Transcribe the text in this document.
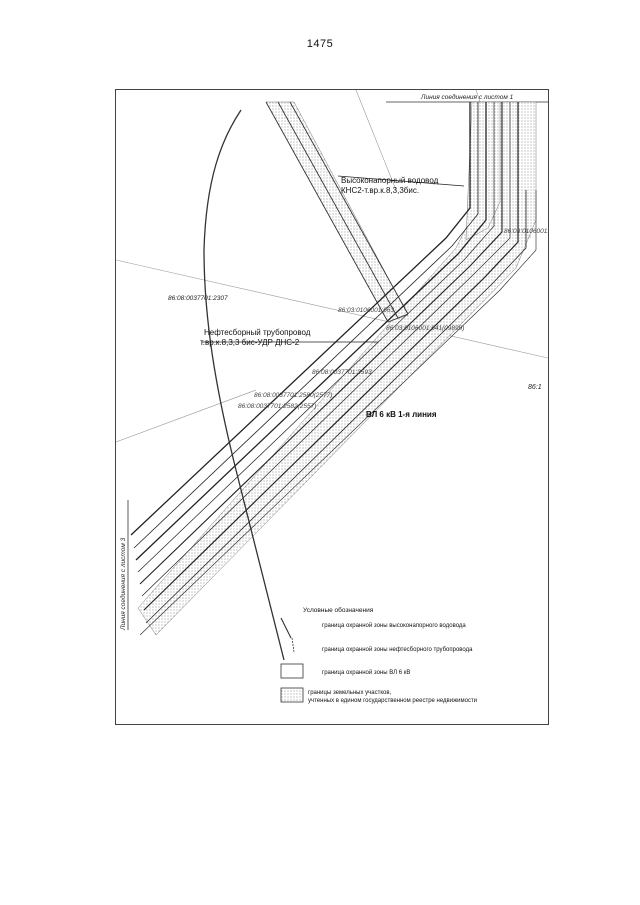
1475
Линия соединения с листом 1
Высоконапорный водовод
КНС2-т.вр.к.8,3,3бис.
Нефтесборный трубопровод
т.вр.к.8,3,3 бис-УДР ДНС-2
ВЛ 6 кВ 1-я линия
86:08:0037701:2307
86:03:0106001:663
86:03:0106001:641(09899)
86:08:0037701:3593
86:08:0037701:2580(2577)
86:08:0037701:2582(2557)
86:03:0106001:1
86:1
Линия соединения с листом 3	Условные обозначения
граница охранной зоны высоконапорного водовода
граница охранной зоны нефтесборного трубопровода
граница охранной зоны ВЛ 6 кВ
границы земельных участков,
учтенных в едином государственном реестре недвижимости
